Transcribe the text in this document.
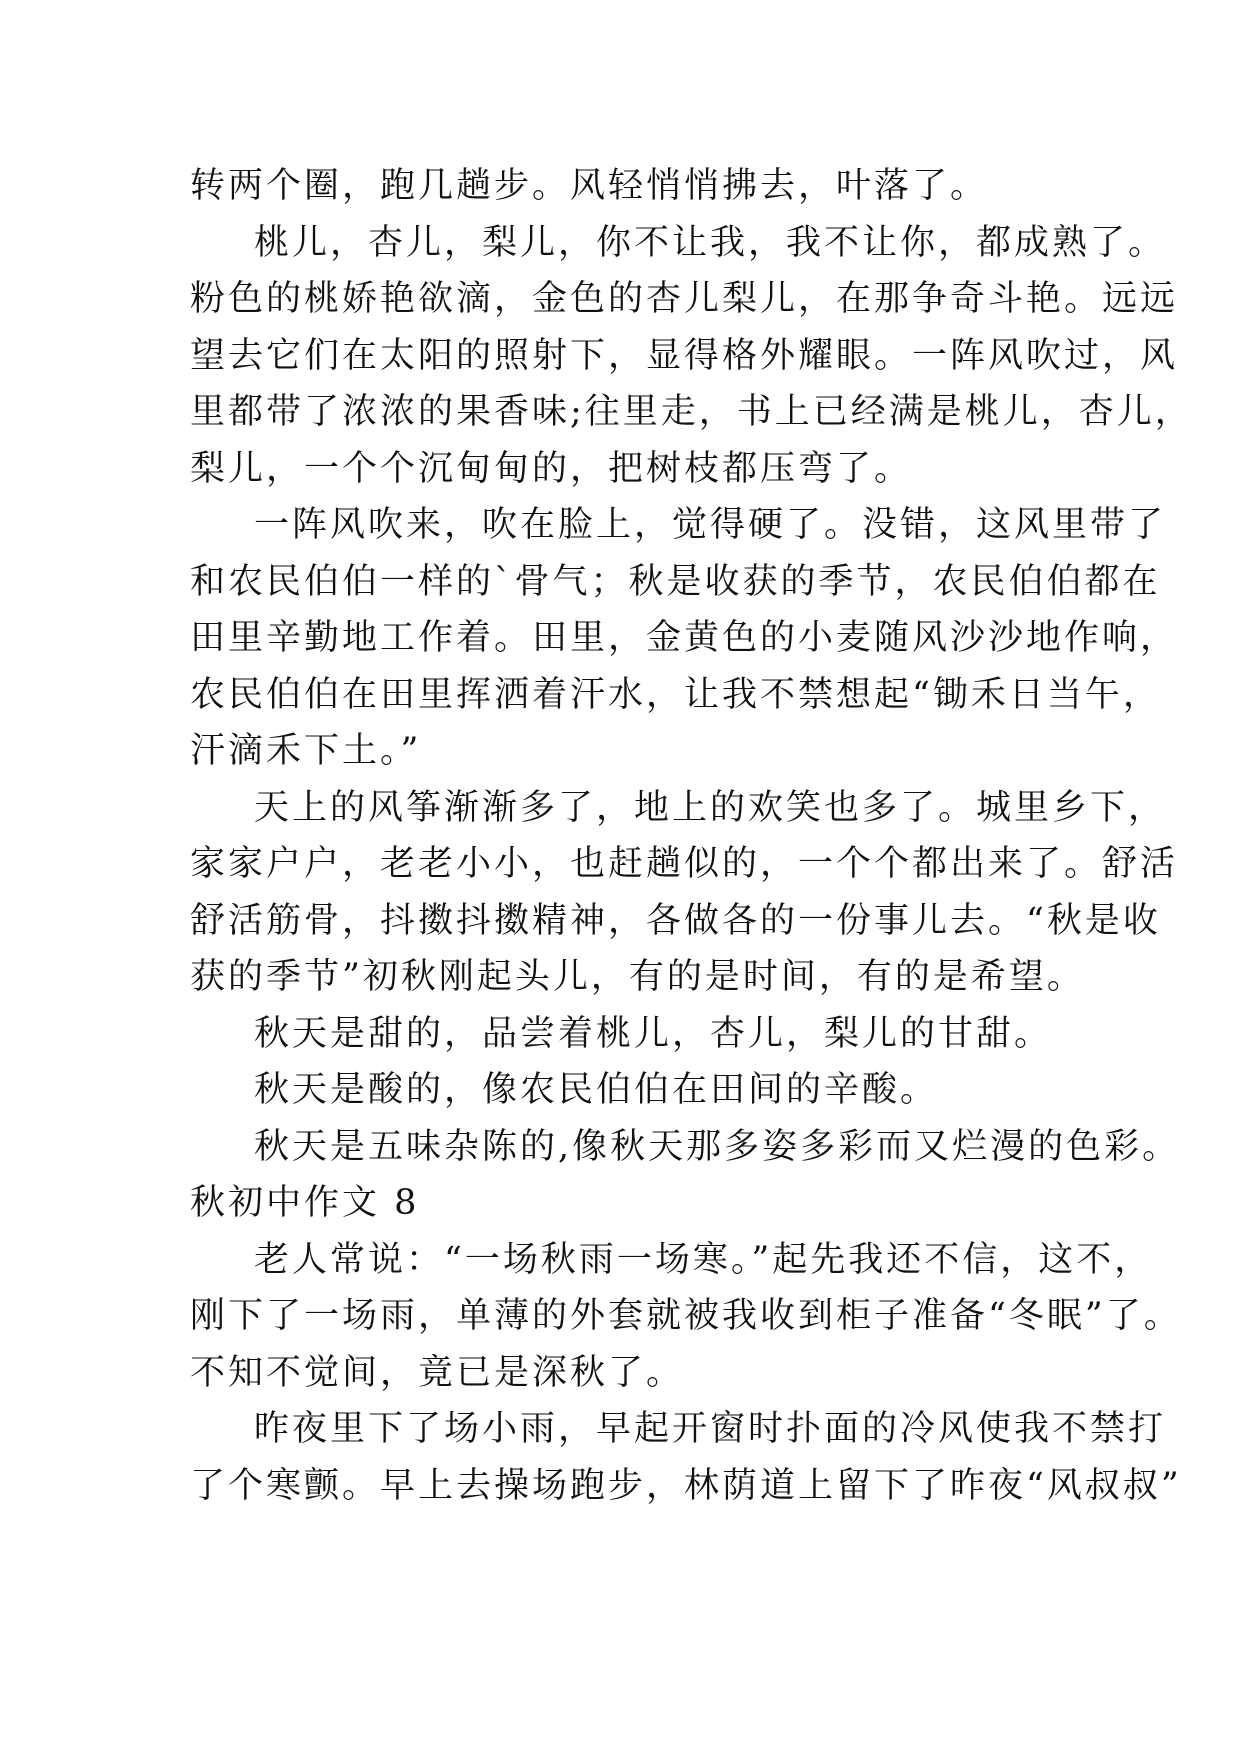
转两个圈，跑几趟步。风轻悄悄拂去，叶落了。
桃儿，杏儿，梨儿，你不让我，我不让你，都成熟了。
粉色的桃娇艳欲滴，金色的杏儿梨儿，在那争奇斗艳。远远
望去它们在太阳的照射下，显得格外耀眼。一阵风吹过，风
里都带了浓浓的果香味;往里走，书上已经满是桃儿，杏儿，
梨儿，一个个沉甸甸的，把树枝都压弯了。
一阵风吹来，吹在脸上，觉得硬了。没错，这风里带了
和农民伯伯一样的`骨气；秋是收获的季节，农民伯伯都在
田里辛勤地工作着。田里，金黄色的小麦随风沙沙地作响，
农民伯伯在田里挥洒着汗水，让我不禁想起“锄禾日当午，
汗滴禾下土。”
天上的风筝渐渐多了，地上的欢笑也多了。城里乡下，
家家户户，老老小小，也赶趟似的，一个个都出来了。舒活
舒活筋骨，抖擞抖擞精神，各做各的一份事儿去。“秋是收
获的季节”初秋刚起头儿，有的是时间，有的是希望。
秋天是甜的，品尝着桃儿，杏儿，梨儿的甘甜。
秋天是酸的，像农民伯伯在田间的辛酸。
秋天是五味杂陈的,像秋天那多姿多彩而又烂漫的色彩。
秋初中作文 8
老人常说：“一场秋雨一场寒。”起先我还不信，这不，
刚下了一场雨，单薄的外套就被我收到柜子准备“冬眠”了。
不知不觉间，竟已是深秋了。
昨夜里下了场小雨，早起开窗时扑面的冷风使我不禁打
了个寒颤。早上去操场跑步，林荫道上留下了昨夜“风叔叔”
